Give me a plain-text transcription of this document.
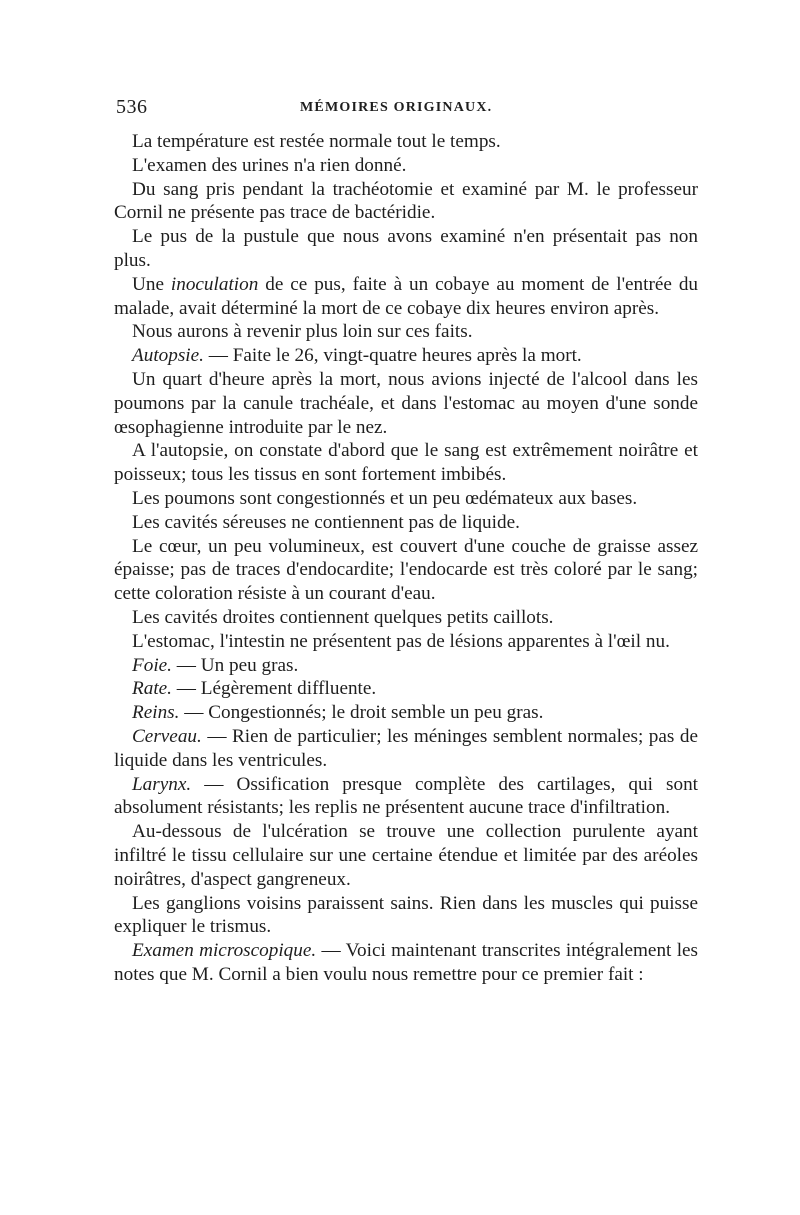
536	MÉMOIRES ORIGINAUX.

La température est restée normale tout le temps.

L'examen des urines n'a rien donné.

Du sang pris pendant la trachéotomie et examiné par M. le professeur Cornil ne présente pas trace de bactéridie.

Le pus de la pustule que nous avons examiné n'en présentait pas non plus.

Une inoculation de ce pus, faite à un cobaye au moment de l'entrée du malade, avait déterminé la mort de ce cobaye dix heures environ après.

Nous aurons à revenir plus loin sur ces faits.

Autopsie. — Faite le 26, vingt-quatre heures après la mort.

Un quart d'heure après la mort, nous avions injecté de l'alcool dans les poumons par la canule trachéale, et dans l'estomac au moyen d'une sonde œsophagienne introduite par le nez.

A l'autopsie, on constate d'abord que le sang est extrêmement noirâtre et poisseux; tous les tissus en sont fortement imbibés.

Les poumons sont congestionnés et un peu œdémateux aux bases.

Les cavités séreuses ne contiennent pas de liquide.

Le cœur, un peu volumineux, est couvert d'une couche de graisse assez épaisse; pas de traces d'endocardite; l'endocarde est très coloré par le sang; cette coloration résiste à un courant d'eau.

Les cavités droites contiennent quelques petits caillots.

L'estomac, l'intestin ne présentent pas de lésions apparentes à l'œil nu.

Foie. — Un peu gras.

Rate. — Légèrement diffluente.

Reins. — Congestionnés; le droit semble un peu gras.

Cerveau. — Rien de particulier; les méninges semblent normales; pas de liquide dans les ventricules.

Larynx. — Ossification presque complète des cartilages, qui sont absolument résistants; les replis ne présentent aucune trace d'infiltration.

Au-dessous de l'ulcération se trouve une collection purulente ayant infiltré le tissu cellulaire sur une certaine étendue et limitée par des aréoles noirâtres, d'aspect gangreneux.

Les ganglions voisins paraissent sains. Rien dans les muscles qui puisse expliquer le trismus.

Examen microscopique. — Voici maintenant transcrites intégralement les notes que M. Cornil a bien voulu nous remettre pour ce premier fait :
